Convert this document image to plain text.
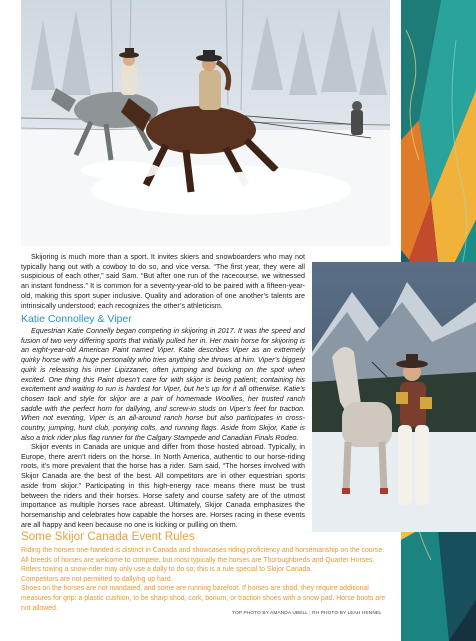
Skijoring is much more than a sport. It invites skiers and snowboarders who may not typically hang out with a cowboy to do so, and vice versa. “The first year, they were all suspicious of each other,” said Sam. “But after one run of the racecourse, we witnessed an instant fondness.” It is common for a seventy-year-old to be paired with a fifteen-year-old, making this sport super inclusive. Quality and adoration of one another’s talents are intrinsically understood; each recognizes the other’s athleticism.

Katie Connolley & Viper

Equestrian Katie Connelly began competing in skijoring in 2017. It was the speed and fusion of two very differing sports that initially pulled her in. Her main horse for skijoring is an eight-year-old American Paint named Viper. Katie describes Viper as an extremely quirky horse with a huge personality who tries anything she throws at him. Viper’s biggest quirk is releasing his inner Lipizzaner, often jumping and bucking on the spot when excited. One thing this Paint doesn’t care for with skijor is being patient; containing his excitement and waiting to run is hardest for Viper, but he’s up for it all otherwise. Katie’s chosen tack and style for skijor are a pair of homemade Woollies, her trusted ranch saddle with the perfect horn for dallying, and screw-in studs on Viper’s feet for traction. When not eventing, Viper is an all-around ranch horse but also participates in cross-country, jumping, hunt club, ponying colts, and running flags. Aside from Skijor, Katie is also a trick rider plus flag runner for the Calgary Stampede and Canadian Finals Rodeo.

Skijor events in Canada are unique and differ from those hosted abroad. Typically, in Europe, there aren’t riders on the horse. In North America, authentic to our horse-riding roots, it’s more prevalent that the horse has a rider. Sam said, “The horses involved with Skijor Canada are the best of the best. All competitors are in other equestrian sports aside from skijor.” Participating in this high-energy race means there must be trust between the riders and their horses. Horse safety and course safety are of the utmost importance as multiple horses race abreast. Ultimately, Skijor Canada emphasizes the horsemanship and celebrates how capable the horses are. Horses racing in these events are all happy and keen because no one is kicking or pulling on them.

Some Skijor Canada Event Rules
Riding the horses one-handed is distinct in Canada and showcases riding proficiency and horsemanship on the course.
All breeds of horses are welcome to compete, but most typically the horses are Thoroughbreds and Quarter Horses.
Riders towing a snow-rider may only use a dally to do so; this is a rule special to Skijor Canada.
Competitors are not permitted to dally/rig up hard.
Shoes on the horses are not mandated, and some are running barefoot. If horses are shod, they require additional measures for grip: a plastic cushion, to be sharp shod, cork, borium, or traction shoes with a snow pad. Horse boots are not allowed.
TOP PHOTO BY AMANDA UBELL ; RH PHOTO BY LEAH HENNEL
